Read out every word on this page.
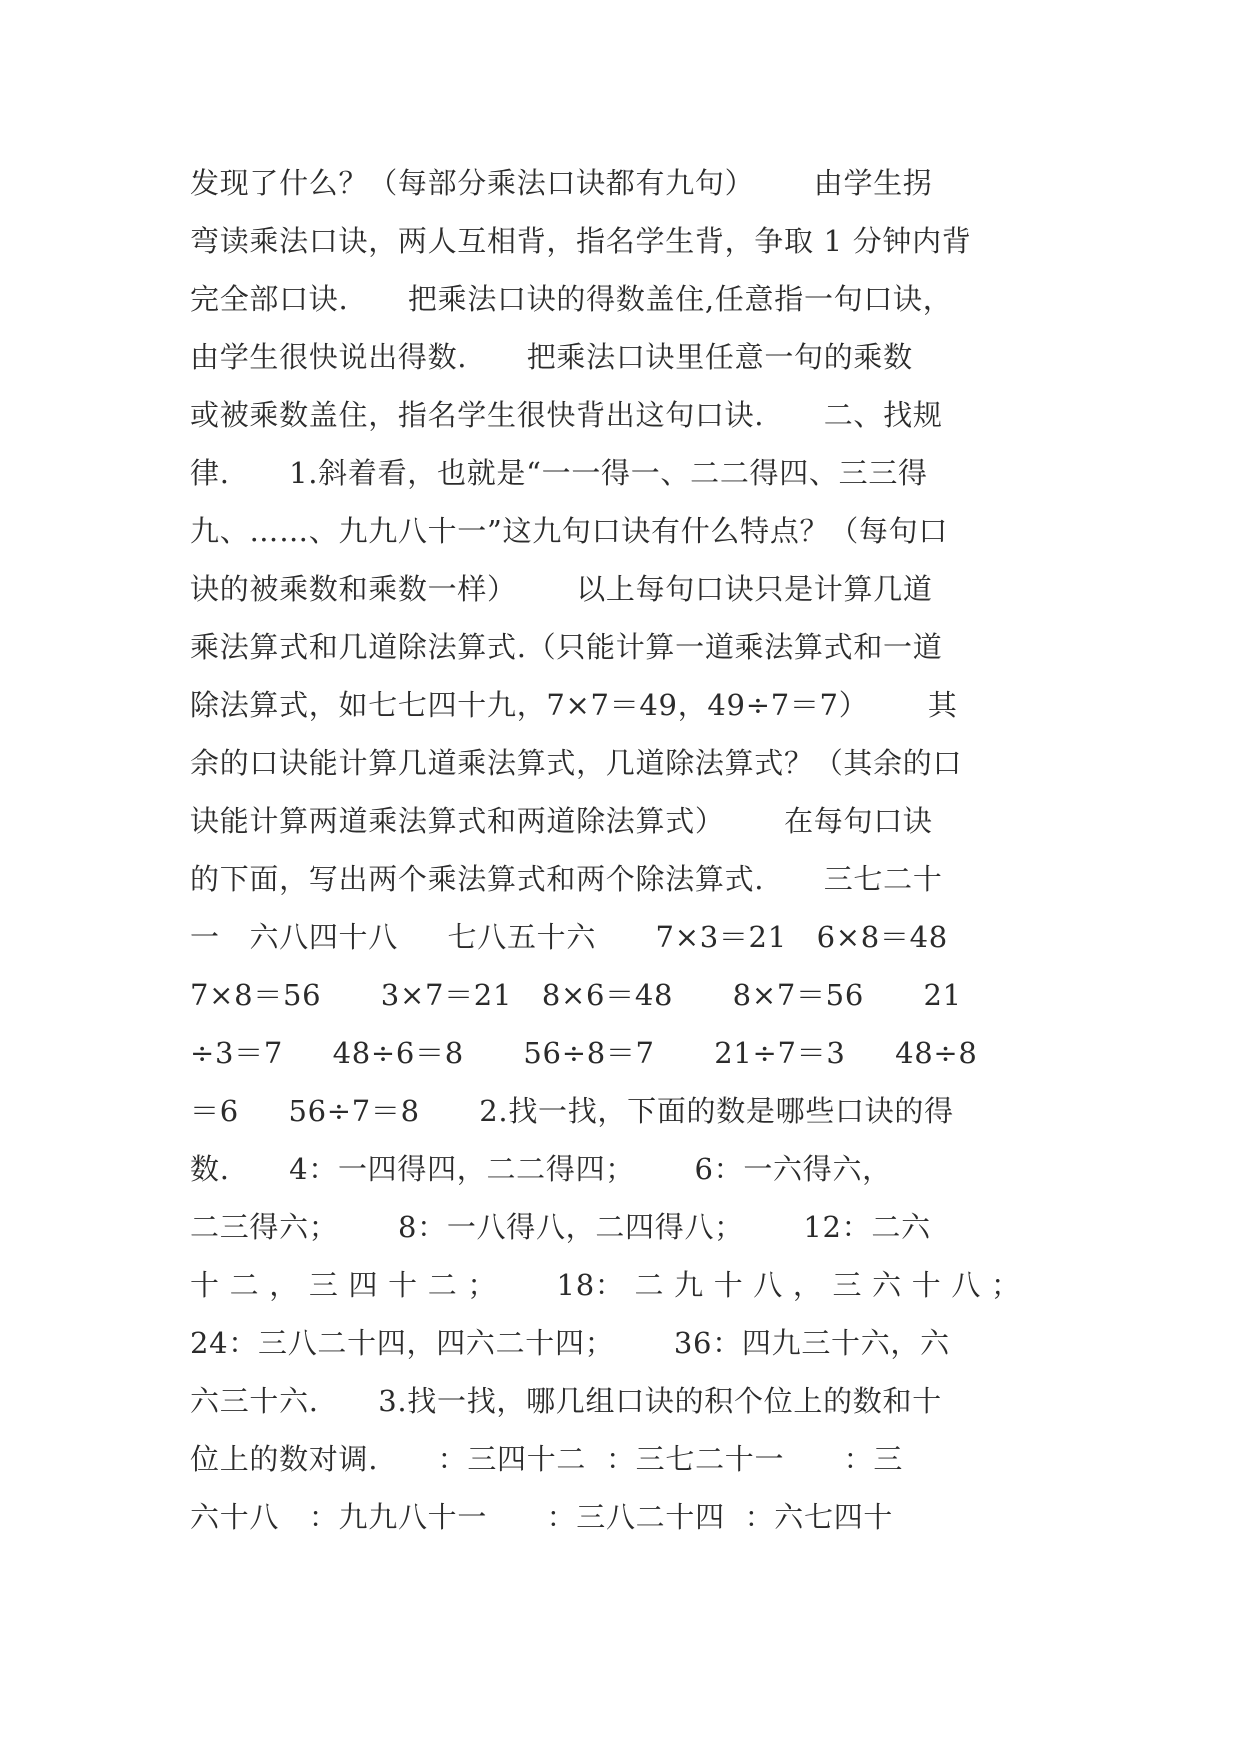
发现了什么？（每部分乘法口诀都有九句）      由学生拐
弯读乘法口诀，两人互相背，指名学生背，争取 1 分钟内背
完全部口诀.      把乘法口诀的得数盖住,任意指一句口诀，
由学生很快说出得数.      把乘法口诀里任意一句的乘数
或被乘数盖住，指名学生很快背出这句口诀.      二、找规
律.      1.斜着看，也就是“一一得一、二二得四、三三得
九、……、九九八十一”这九句口诀有什么特点？（每句口
诀的被乘数和乘数一样）      以上每句口诀只是计算几道
乘法算式和几道除法算式.（只能计算一道乘法算式和一道
除法算式，如七七四十九，7×7＝49，49÷7＝7）      其
余的口诀能计算几道乘法算式，几道除法算式？（其余的口
诀能计算两道乘法算式和两道除法算式）      在每句口诀
的下面，写出两个乘法算式和两个除法算式.      三七二十
一   六八四十八     七八五十六      7×3＝21   6×8＝48
7×8＝56      3×7＝21   8×6＝48      8×7＝56      21
÷3＝7     48÷6＝8      56÷8＝7      21÷7＝3     48÷8
＝6     56÷7＝8      2.找一找，下面的数是哪些口诀的得
数.      4：一四得四，二二得四；      6：一六得六，
二三得六；      8：一八得八，二四得八；      12：二六
十 二 ， 三 四 十 二 ；      18： 二 九 十 八 ， 三 六 十 八 ；
24：三八二十四，四六二十四；      36：四九三十六，六
六三十六.      3.找一找，哪几组口诀的积个位上的数和十
位上的数对调.      ：三四十二  ：三七二十一      ：三
六十八   ：九九八十一      ：三八二十四  ：六七四十
